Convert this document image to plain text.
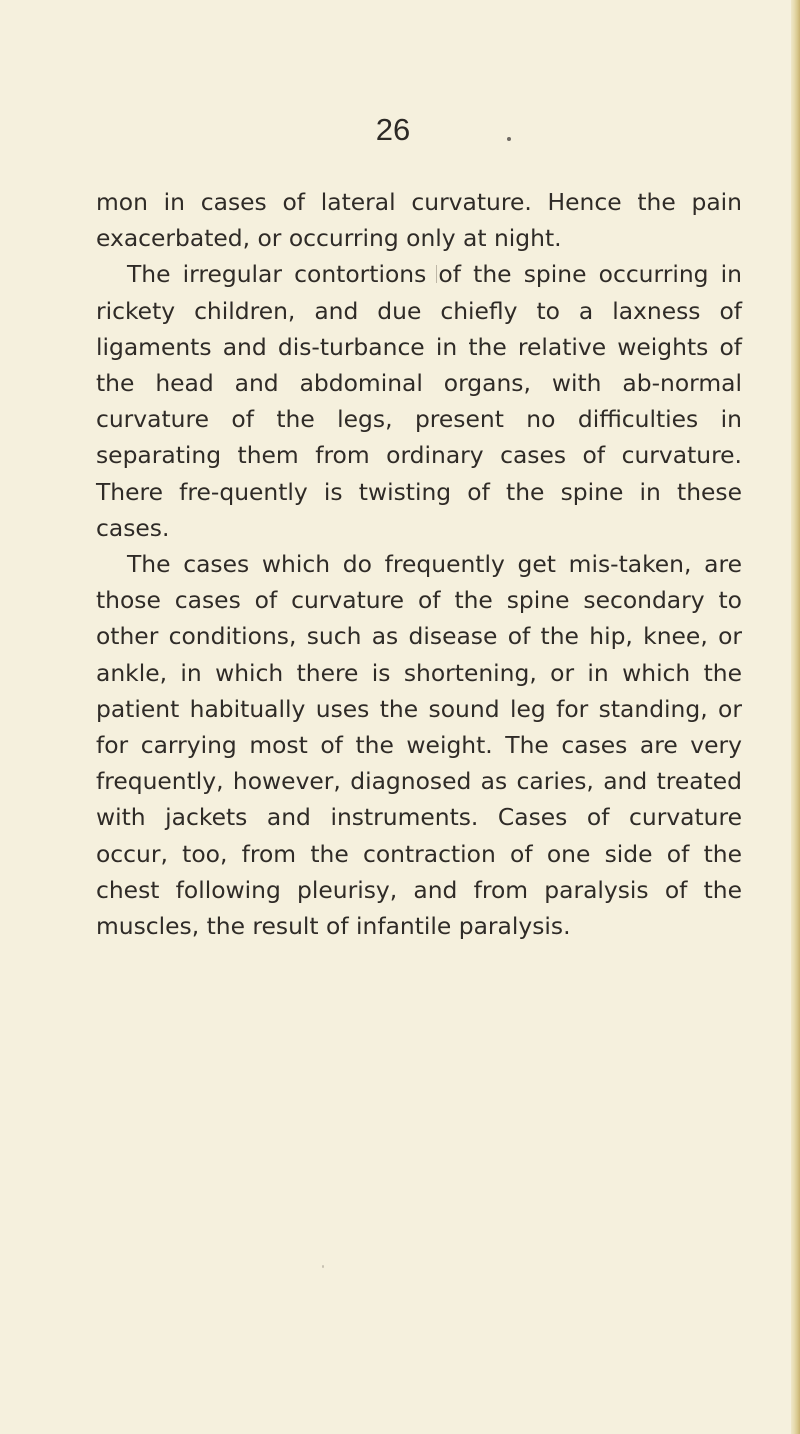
26

mon in cases of lateral curvature. Hence the pain exacerbated, or occurring only at night.

The irregular contortions of the spine occurring in rickety children, and due chiefly to a laxness of ligaments and dis-turbance in the relative weights of the head and abdominal organs, with ab-normal curvature of the legs, present no difficulties in separating them from ordinary cases of curvature. There fre-quently is twisting of the spine in these cases.

The cases which do frequently get mis-taken, are those cases of curvature of the spine secondary to other conditions, such as disease of the hip, knee, or ankle, in which there is shortening, or in which the patient habitually uses the sound leg for standing, or for carrying most of the weight. The cases are very frequently, however, diagnosed as caries, and treated with jackets and instruments. Cases of curvature occur, too, from the contraction of one side of the chest following pleurisy, and from paralysis of the muscles, the result of infantile paralysis.
